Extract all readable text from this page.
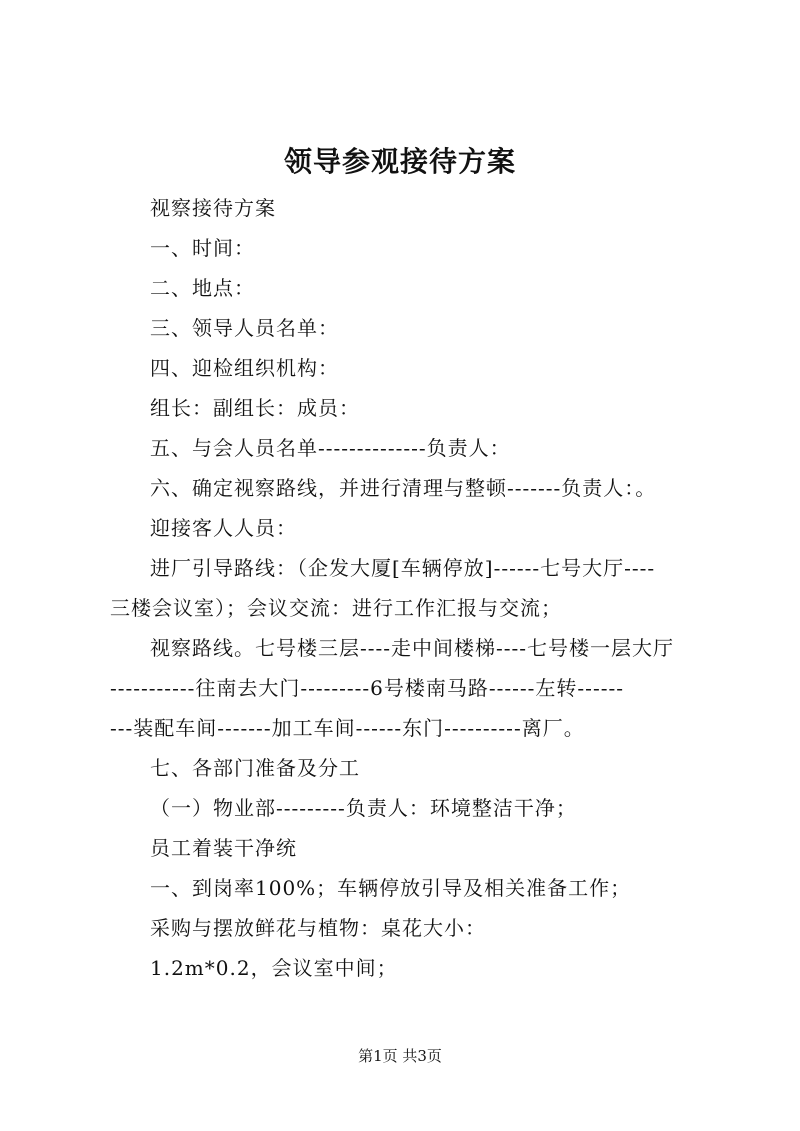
领导参观接待方案
视察接待方案
一、时间：
二、地点：
三、领导人员名单：
四、迎检组织机构：
组长：副组长：成员：
五、与会人员名单--------------负责人：
六、确定视察路线，并进行清理与整顿-------负责人：。
迎接客人人员：
进厂引导路线：（企发大厦[车辆停放]------七号大厅----
三楼会议室）；会议交流：进行工作汇报与交流；
视察路线。七号楼三层----走中间楼梯----七号楼一层大厅
-----------往南去大门---------6号楼南马路------左转------
---装配车间-------加工车间------东门----------离厂。
七、各部门准备及分工
（一）物业部---------负责人：环境整洁干净；
员工着装干净统
一、到岗率100%；车辆停放引导及相关准备工作；
采购与摆放鲜花与植物：桌花大小：
1.2m*0.2，会议室中间；
第1页 共3页
